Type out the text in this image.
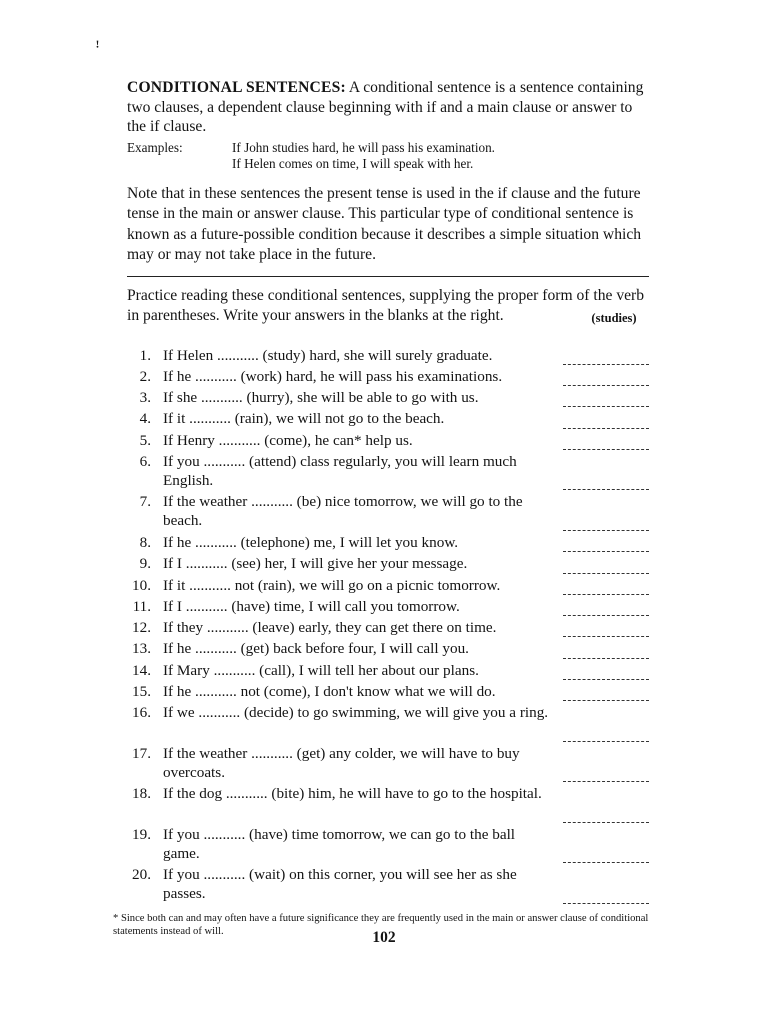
ꜝ

CONDITIONAL SENTENCES: A conditional sentence is a sentence containing two clauses, a dependent clause beginning with if and a main clause or answer to the if clause.

Examples:	If John studies hard, he will pass his examination.
If Helen comes on time, I will speak with her.

Note that in these sentences the present tense is used in the if clause and the future tense in the main or answer clause. This particular type of conditional sentence is known as a future-possible condition because it describes a simple situation which may or may not take place in the future.

Practice reading these conditional sentences, supplying the proper form of the verb in parentheses. Write your answers in the blanks at the right.	(studies)
1. If Helen ........... (study) hard, she will surely graduate.
2. If he ........... (work) hard, he will pass his examinations.
3. If she ........... (hurry), she will be able to go with us.
4. If it ........... (rain), we will not go to the beach.
5. If Henry ........... (come), he can* help us.
6. If you ........... (attend) class regularly, you will learn much English.
7. If the weather ........... (be) nice tomorrow, we will go to the beach.
8. If he ........... (telephone) me, I will let you know.
9. If I ........... (see) her, I will give her your message.
10. If it ........... not (rain), we will go on a picnic tomorrow.
11. If I ........... (have) time, I will call you tomorrow.
12. If they ........... (leave) early, they can get there on time.
13. If he ........... (get) back before four, I will call you.
14. If Mary ........... (call), I will tell her about our plans.
15. If he ........... not (come), I don't know what we will do.
16. If we ........... (decide) to go swimming, we will give you a ring.
17. If the weather ........... (get) any colder, we will have to buy overcoats.
18. If the dog ........... (bite) him, he will have to go to the hospital.
19. If you ........... (have) time tomorrow, we can go to the ball game.
20. If you ........... (wait) on this corner, you will see her as she passes.

* Since both can and may often have a future significance they are frequently used in the main or answer clause of conditional statements instead of will.	102
